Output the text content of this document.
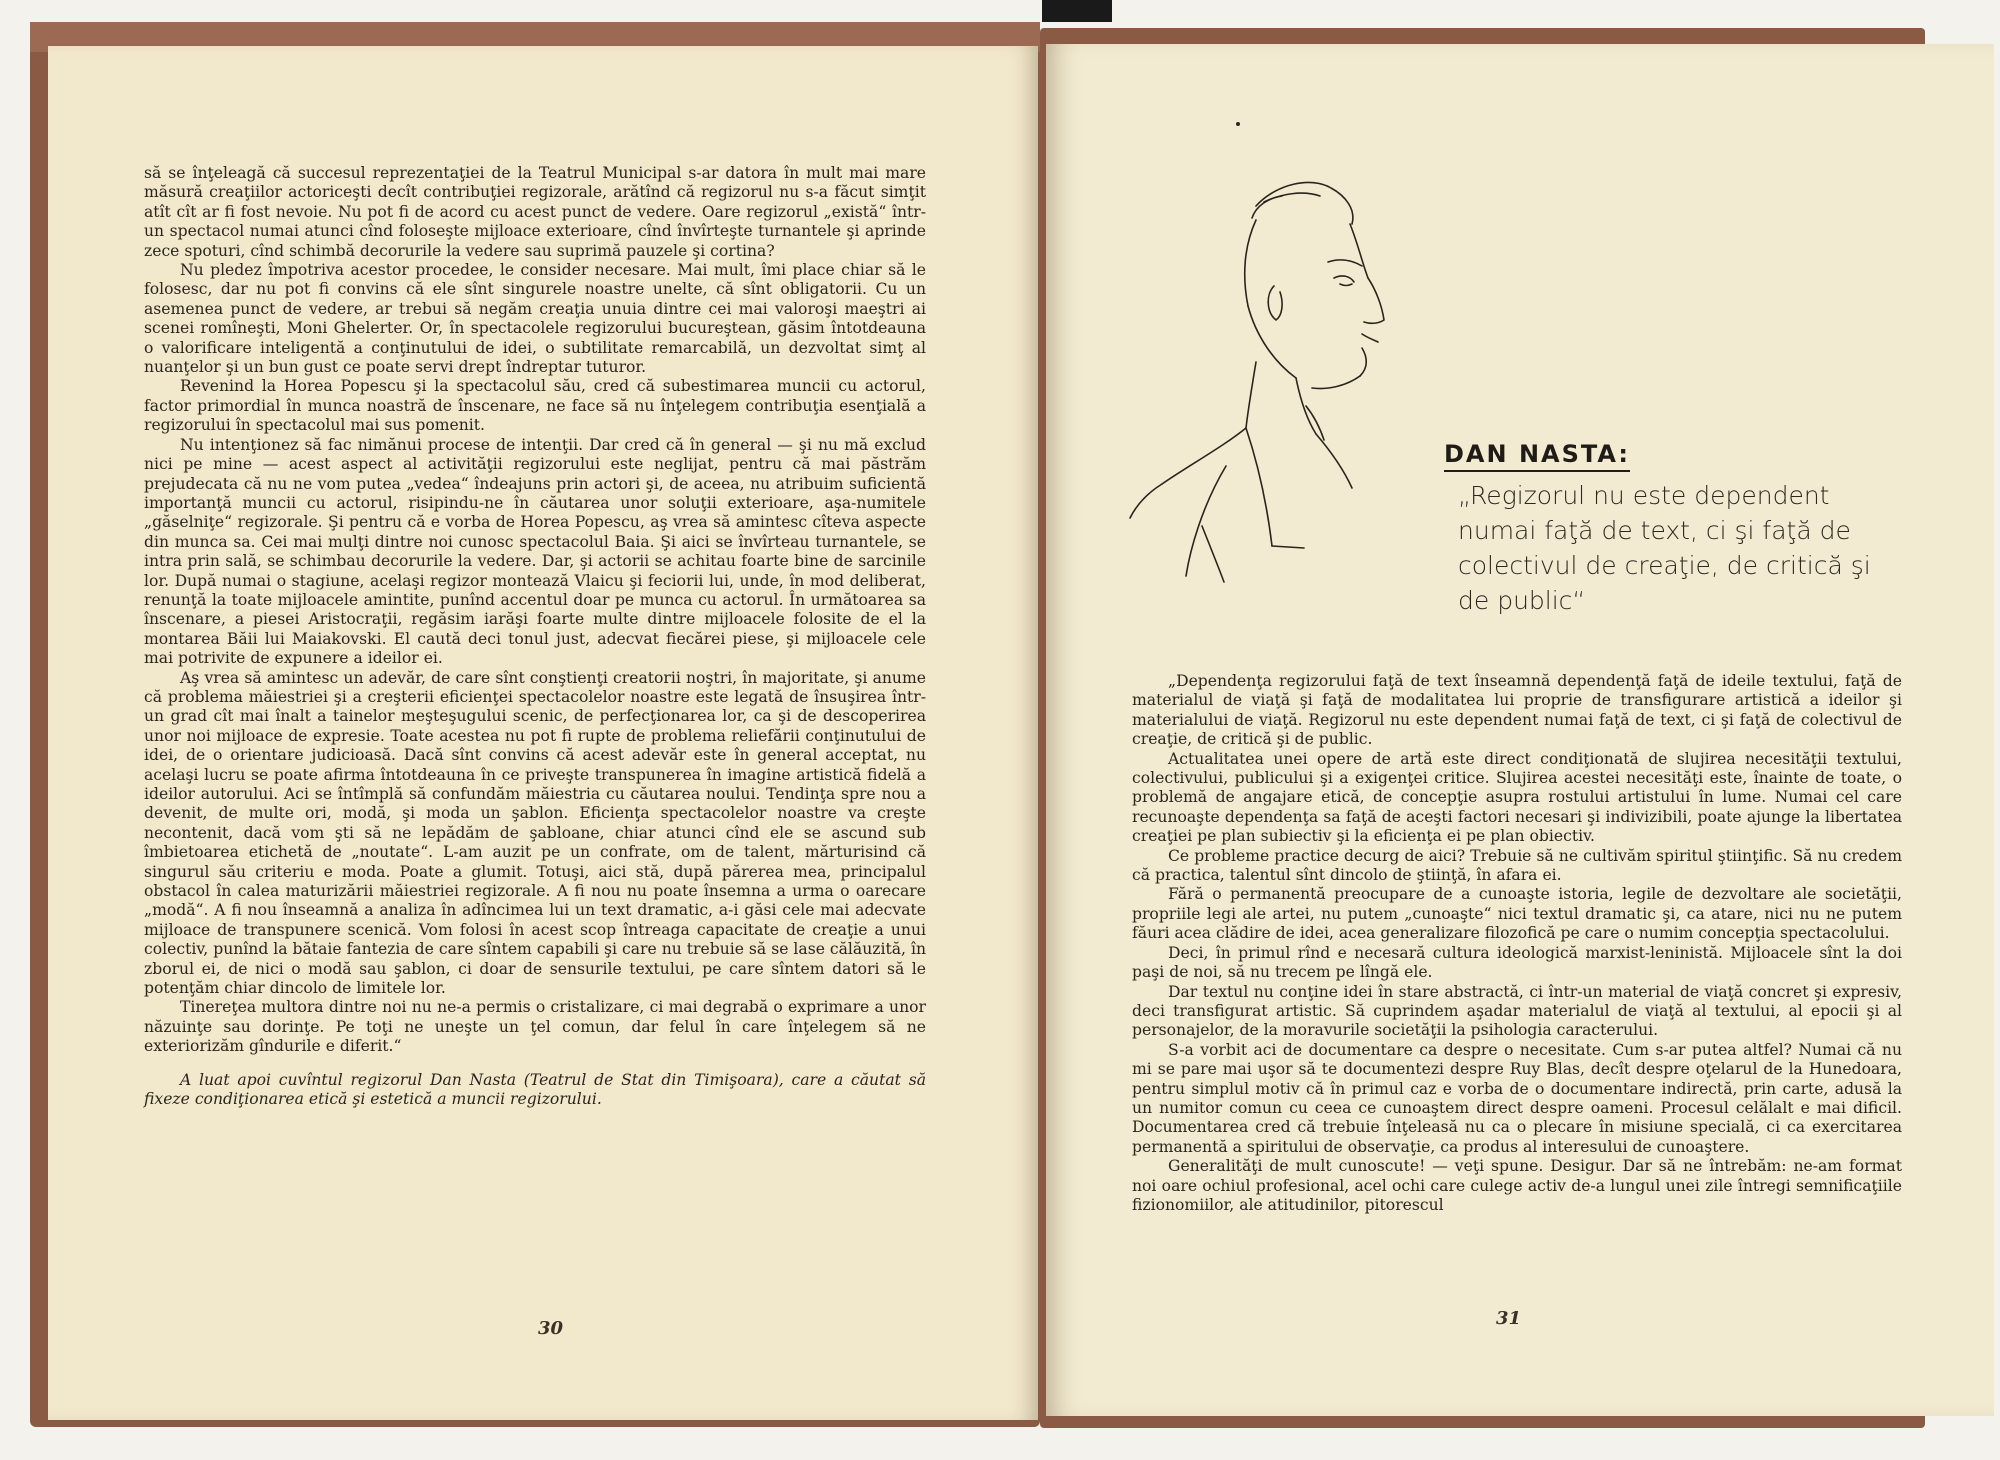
să se înţeleagă că succesul reprezentaţiei de la Teatrul Municipal s-ar datora în mult mai mare măsură creaţiilor actoriceşti decît contribuţiei regizorale, arătînd că regizorul nu s-a făcut simţit atît cît ar fi fost nevoie. Nu pot fi de acord cu acest punct de vedere. Oare regizorul „există“ într-un spectacol numai atunci cînd foloseşte mijloace exterioare, cînd învîrteşte turnantele şi aprinde zece spoturi, cînd schimbă decorurile la vedere sau suprimă pauzele şi cortina?

Nu pledez împotriva acestor procedee, le consider necesare. Mai mult, îmi place chiar să le folosesc, dar nu pot fi convins că ele sînt singurele noastre unelte, că sînt obligatorii. Cu un asemenea punct de vedere, ar trebui să negăm creaţia unuia dintre cei mai valoroşi maeştri ai scenei romîneşti, Moni Ghelerter. Or, în spectacolele regizorului bucureştean, găsim întotdeauna o valorificare inteligentă a conţinutului de idei, o subtilitate remarcabilă, un dezvoltat simţ al nuanţelor şi un bun gust ce poate servi drept îndreptar tuturor.

Revenind la Horea Popescu şi la spectacolul său, cred că subestimarea muncii cu actorul, factor primordial în munca noastră de înscenare, ne face să nu înţelegem contribuţia esenţială a regizorului în spectacolul mai sus pomenit.

Nu intenţionez să fac nimănui procese de intenţii. Dar cred că în general — şi nu mă exclud nici pe mine — acest aspect al activităţii regizorului este neglijat, pentru că mai păstrăm prejudecata că nu ne vom putea „vedea“ îndeajuns prin actori şi, de aceea, nu atribuim suficientă importanţă muncii cu actorul, risipindu-ne în căutarea unor soluţii exterioare, aşa-numitele „găselniţe“ regizorale. Şi pentru că e vorba de Horea Popescu, aş vrea să amintesc cîteva aspecte din munca sa. Cei mai mulţi dintre noi cunosc spectacolul Baia. Şi aici se învîrteau turnantele, se intra prin sală, se schimbau decorurile la vedere. Dar, şi actorii se achitau foarte bine de sarcinile lor. După numai o stagiune, acelaşi regizor montează Vlaicu şi feciorii lui, unde, în mod deliberat, renunţă la toate mijloacele amintite, punînd accentul doar pe munca cu actorul. În următoarea sa înscenare, a piesei Aristocraţii, regăsim iarăşi foarte multe dintre mijloacele folosite de el la montarea Băii lui Maiakovski. El caută deci tonul just, adecvat fiecărei piese, şi mijloacele cele mai potrivite de expunere a ideilor ei.

Aş vrea să amintesc un adevăr, de care sînt conştienţi creatorii noştri, în majoritate, şi anume că problema măiestriei şi a creşterii eficienţei spectacolelor noastre este legată de însuşirea într-un grad cît mai înalt a tainelor meşteşugului scenic, de perfecţionarea lor, ca şi de descoperirea unor noi mijloace de expresie. Toate acestea nu pot fi rupte de problema reliefării conţinutului de idei, de o orientare judicioasă. Dacă sînt convins că acest adevăr este în general acceptat, nu acelaşi lucru se poate afirma întotdeauna în ce priveşte transpunerea în imagine artistică fidelă a ideilor autorului. Aci se întîmplă să confundăm măiestria cu căutarea noului. Tendinţa spre nou a devenit, de multe ori, modă, şi moda un şablon. Eficienţa spectacolelor noastre va creşte necontenit, dacă vom şti să ne lepădăm de şabloane, chiar atunci cînd ele se ascund sub îmbietoarea etichetă de „noutate“. L-am auzit pe un confrate, om de talent, mărturisind că singurul său criteriu e moda. Poate a glumit. Totuşi, aici stă, după părerea mea, principalul obstacol în calea maturizării măiestriei regizorale. A fi nou nu poate însemna a urma o oarecare „modă“. A fi nou înseamnă a analiza în adîncimea lui un text dramatic, a-i găsi cele mai adecvate mijloace de transpunere scenică. Vom folosi în acest scop întreaga capacitate de creaţie a unui colectiv, punînd la bătaie fantezia de care sîntem capabili şi care nu trebuie să se lase călăuzită, în zborul ei, de nici o modă sau şablon, ci doar de sensurile textului, pe care sîntem datori să le potenţăm chiar dincolo de limitele lor.

Tinereţea multora dintre noi nu ne-a permis o cristalizare, ci mai degrabă o exprimare a unor năzuinţe sau dorinţe. Pe toţi ne uneşte un ţel comun, dar felul în care înţelegem să ne exteriorizăm gîndurile e diferit.“

A luat apoi cuvîntul regizorul Dan Nasta (Teatrul de Stat din Timişoara), care a căutat să fixeze condiţionarea etică şi estetică a muncii regizorului.

30
DAN NASTA:
„Regizorul nu este dependent numai faţă de text, ci şi faţă de colectivul de creaţie, de critică şi de public“

„Dependenţa regizorului faţă de text înseamnă dependenţă faţă de ideile textului, faţă de materialul de viaţă şi faţă de modalitatea lui proprie de transfigurare artistică a ideilor şi materialului de viaţă. Regizorul nu este dependent numai faţă de text, ci şi faţă de colectivul de creaţie, de critică şi de public.

Actualitatea unei opere de artă este direct condiţionată de slujirea necesităţii textului, colectivului, publicului şi a exigenţei critice. Slujirea acestei necesităţi este, înainte de toate, o problemă de angajare etică, de concepţie asupra rostului artistului în lume. Numai cel care recunoaşte dependenţa sa faţă de aceşti factori necesari şi indivizibili, poate ajunge la libertatea creaţiei pe plan subiectiv şi la eficienţa ei pe plan obiectiv.

Ce probleme practice decurg de aici? Trebuie să ne cultivăm spiritul ştiinţific. Să nu credem că practica, talentul sînt dincolo de ştiinţă, în afara ei.

Fără o permanentă preocupare de a cunoaşte istoria, legile de dezvoltare ale societăţii, propriile legi ale artei, nu putem „cunoaşte“ nici textul dramatic şi, ca atare, nici nu ne putem făuri acea clădire de idei, acea generalizare filozofică pe care o numim concepţia spectacolului.

Deci, în primul rînd e necesară cultura ideologică marxist-leninistă. Mijloacele sînt la doi paşi de noi, să nu trecem pe lîngă ele.

Dar textul nu conţine idei în stare abstractă, ci într-un material de viaţă concret şi expresiv, deci transfigurat artistic. Să cuprindem aşadar materialul de viaţă al textului, al epocii şi al personajelor, de la moravurile societăţii la psihologia caracterului.

S-a vorbit aci de documentare ca despre o necesitate. Cum s-ar putea altfel? Numai că nu mi se pare mai uşor să te documentezi despre Ruy Blas, decît despre oţelarul de la Hunedoara, pentru simplul motiv că în primul caz e vorba de o documentare indirectă, prin carte, adusă la un numitor comun cu ceea ce cunoaştem direct despre oameni. Procesul celălalt e mai dificil. Documentarea cred că trebuie înţeleasă nu ca o plecare în misiune specială, ci ca exercitarea permanentă a spiritului de observaţie, ca produs al interesului de cunoaştere.

Generalităţi de mult cunoscute! — veţi spune. Desigur. Dar să ne întrebăm: ne-am format noi oare ochiul profesional, acel ochi care culege activ de-a lungul unei zile întregi semnificaţiile fizionomiilor, ale atitudinilor, pitorescul

31
